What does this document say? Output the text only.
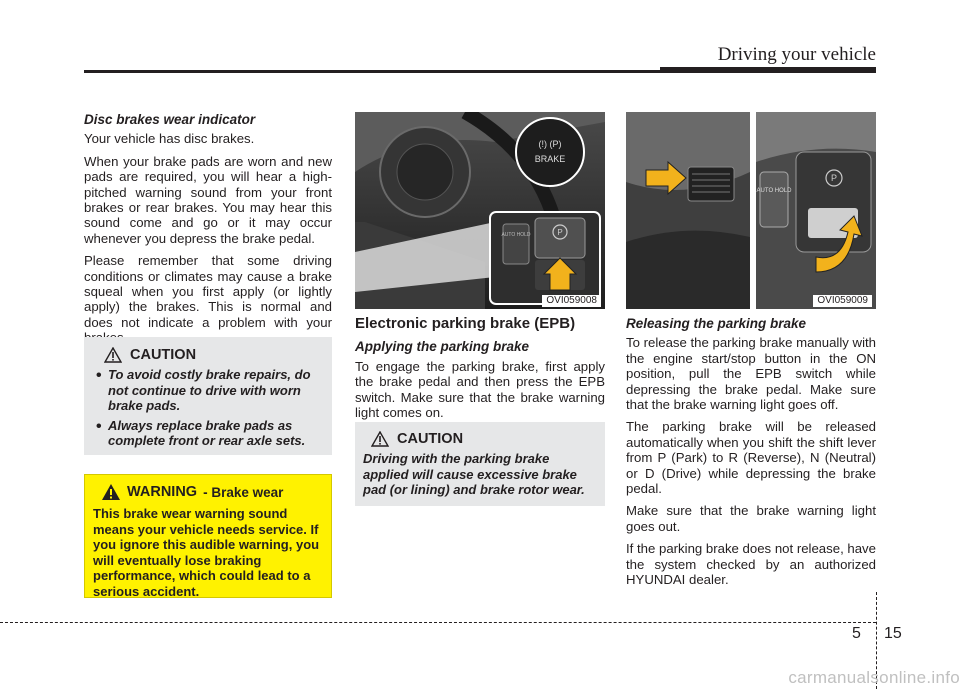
Driving your vehicle
Disc brakes wear indicator

Your vehicle has disc brakes.

When your brake pads are worn and new pads are required, you will hear a high-pitched warning sound from your front brakes or rear brakes. You may hear this sound come and go or it may occur whenever you depress the brake pedal.

Please remember that some driving conditions or climates may cause a brake squeal when you first apply (or lightly apply) the brakes. This is normal and does not indicate a problem with your

CAUTION
• To avoid costly brake repairs, do not continue to drive with worn brake pads.
• Always replace brake pads as complete front or rear axle sets.
WARNING - Brake wear
This brake wear warning sound means your vehicle needs service. If you ignore this audible warning, you will eventually lose braking performance, which could lead to a serious accident.
(!) (P)
BRAKE
AUTO HOLD	P
OVI059008
Electronic parking brake (EPB)
Applying the parking brake

To engage the parking brake, first apply the brake pedal and then press the EPB switch. Make sure that the brake warning light comes on.

CAUTION
Driving with the parking brake applied will cause excessive brake pad (or lining) and brake rotor wear.
AUTO HOLD
P
OVI059009
Releasing the parking brake

To release the parking brake manually with the engine start/stop button in the ON position, pull the EPB switch while depressing the brake pedal. Make sure that the brake warning light goes off.

The parking brake will be released automatically when you shift the shift lever from P (Park) to R (Reverse), N (Neutral) or D (Drive) while depressing the brake pedal.

Make sure that the brake warning light goes out.

If the parking brake does not release, have the system checked by an authorized HYUNDAI dealer.

5 15
carmanualsonline.info
